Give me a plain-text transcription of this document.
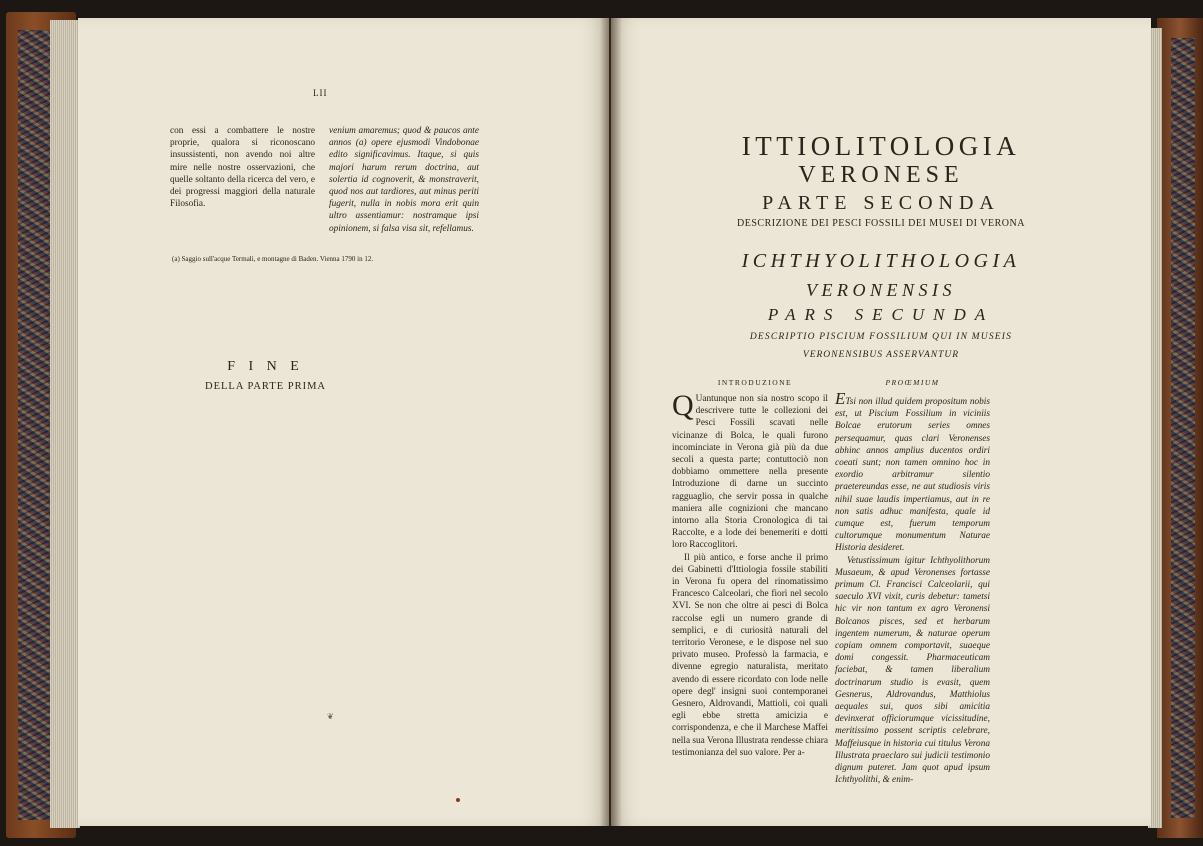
LII

con essi a combattere le nostre proprie, qualora si riconoscano insussistenti, non avendo noi altre mire nelle nostre osservazioni, che quelle soltanto della ricerca del vero, e dei progressi maggiori della naturale Filosofia.

venium amaremus; quod & paucos ante annos (a) opere ejusmodi Vindobonae edito significavimus. Itaque, si quis majori harum rerum doctrina, aut solertia id cognoverit, & monstraverit, quod nos aut tardiores, aut minus periti fugerit, nulla in nobis mora erit quin ultro assentiamur: nostramque ipsi opinionem, si falsa visa sit, refellamus.

(a) Saggio sull'acque Termali, e montagne di Baden. Vienna 1790 in 12.
F I N E
DELLA PARTE PRIMA
❦
ITTIOLITOLOGIA
VERONESE
PARTE SECONDA
DESCRIZIONE DEI PESCI FOSSILI DEI MUSEI DI VERONA
ICHTHYOLITHOLOGIA
VERONENSIS
PARS SECUNDA
DESCRIPTIO PISCIUM FOSSILIUM QUI IN MUSEIS
VERONENSIBUS ASSERVANTUR
INTRODUZIONE	PROŒMIUM

Q Uantunque non sia nostro scopo il descrivere tutte le collezioni dei Pesci Fossili scavati nelle vicinanze di Bolca, le quali furono incominciate in Verona già più da due secoli a questa parte; contuttociò non dobbiamo ommettere nella presente Introduzione di darne un succinto ragguaglio, che servir possa in qualche maniera alle cognizioni che mancano intorno alla Storia Cronologica di tai Raccolte, e a lode dei benemeriti e dotti loro Raccoglitori.

Il più antico, e forse anche il primo dei Gabinetti d'Ittiologia fossile stabiliti in Verona fu opera del rinomatissimo Francesco Calceolari, che fiorì nel secolo XVI. Se non che oltre ai pesci di Bolca raccolse egli un numero grande di semplici, e di curiosità naturali del territorio Veronese, e le dispose nel suo privato museo. Professò la farmacia, e divenne egregio naturalista, meritato avendo di essere ricordato con lode nelle opere degl' insigni suoi contemporanei Gesnero, Aldrovandi, Mattioli, coi quali egli ebbe stretta amicizia e corrispondenza, e che il Marchese Maffei nella sua Verona Illustrata rendesse chiara testimonianza del suo valore. Per a-

ETsi non illud quidem propositum nobis est, ut Piscium Fossilium in viciniis Bolcae erutorum series omnes persequamur, quas clari Veronenses abhinc annos amplius ducentos ordiri coeati sunt; non tamen omnino hoc in exordio arbitramur silentio praetereundas esse, ne aut studiosis viris nihil suae laudis impertiamus, aut in re non satis adhuc manifesta, quale id cumque est, fuerum temporum cultorumque monumentum Naturae Historia desideret.

Vetustissimum igitur Ichthyolithorum Musaeum, & apud Veronenses fortasse primum Cl. Francisci Calceolarii, qui saeculo XVI vixit, curis debetur: tametsi hic vir non tantum ex agro Veronensi Bolcanos pisces, sed et herbarum ingentem numerum, & naturae operum copiam omnem comportavit, suaeque domi congessit. Pharmaceuticam faciebat, & tamen liberalium doctrinarum studio is evasit, quem Gesnerus, Aldrovandus, Matthiolus aequales sui, quos sibi amicitia devinxerat officiorumque vicissitudine, meritissimo possent scriptis celebrare, Maffeiusque in historia cui titulus Verona Illustrata praeclaro sui judicii testimonio dignum puteret. Jam quot apud ipsum Ichthyolithi, & enim-
